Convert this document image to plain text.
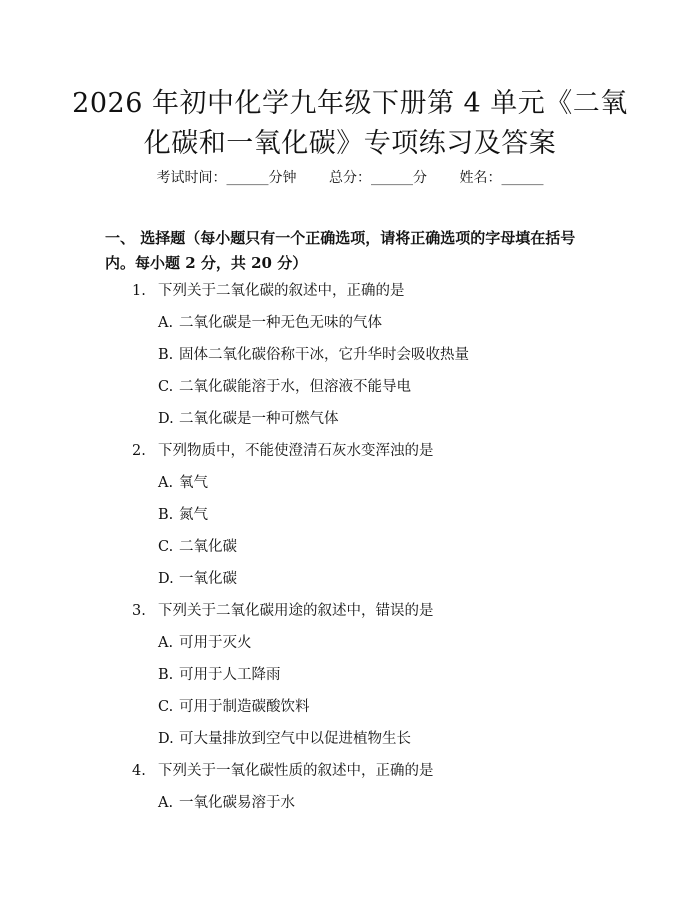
2026 年初中化学九年级下册第 4 单元《二氧
化碳和一氧化碳》专项练习及答案
考试时间：______分钟 总分：______分 姓名：______
一、 选择题（每小题只有一个正确选项，请将正确选项的字母填在括号内。每小题 2 分，共 20 分）
1. 下列关于二氧化碳的叙述中，正确的是
A. 二氧化碳是一种无色无味的气体
B. 固体二氧化碳俗称干冰，它升华时会吸收热量
C. 二氧化碳能溶于水，但溶液不能导电
D. 二氧化碳是一种可燃气体
2. 下列物质中，不能使澄清石灰水变浑浊的是
A. 氧气
B. 氮气
C. 二氧化碳
D. 一氧化碳
3. 下列关于二氧化碳用途的叙述中，错误的是
A. 可用于灭火
B. 可用于人工降雨
C. 可用于制造碳酸饮料
D. 可大量排放到空气中以促进植物生长
4. 下列关于一氧化碳性质的叙述中，正确的是
A. 一氧化碳易溶于水
